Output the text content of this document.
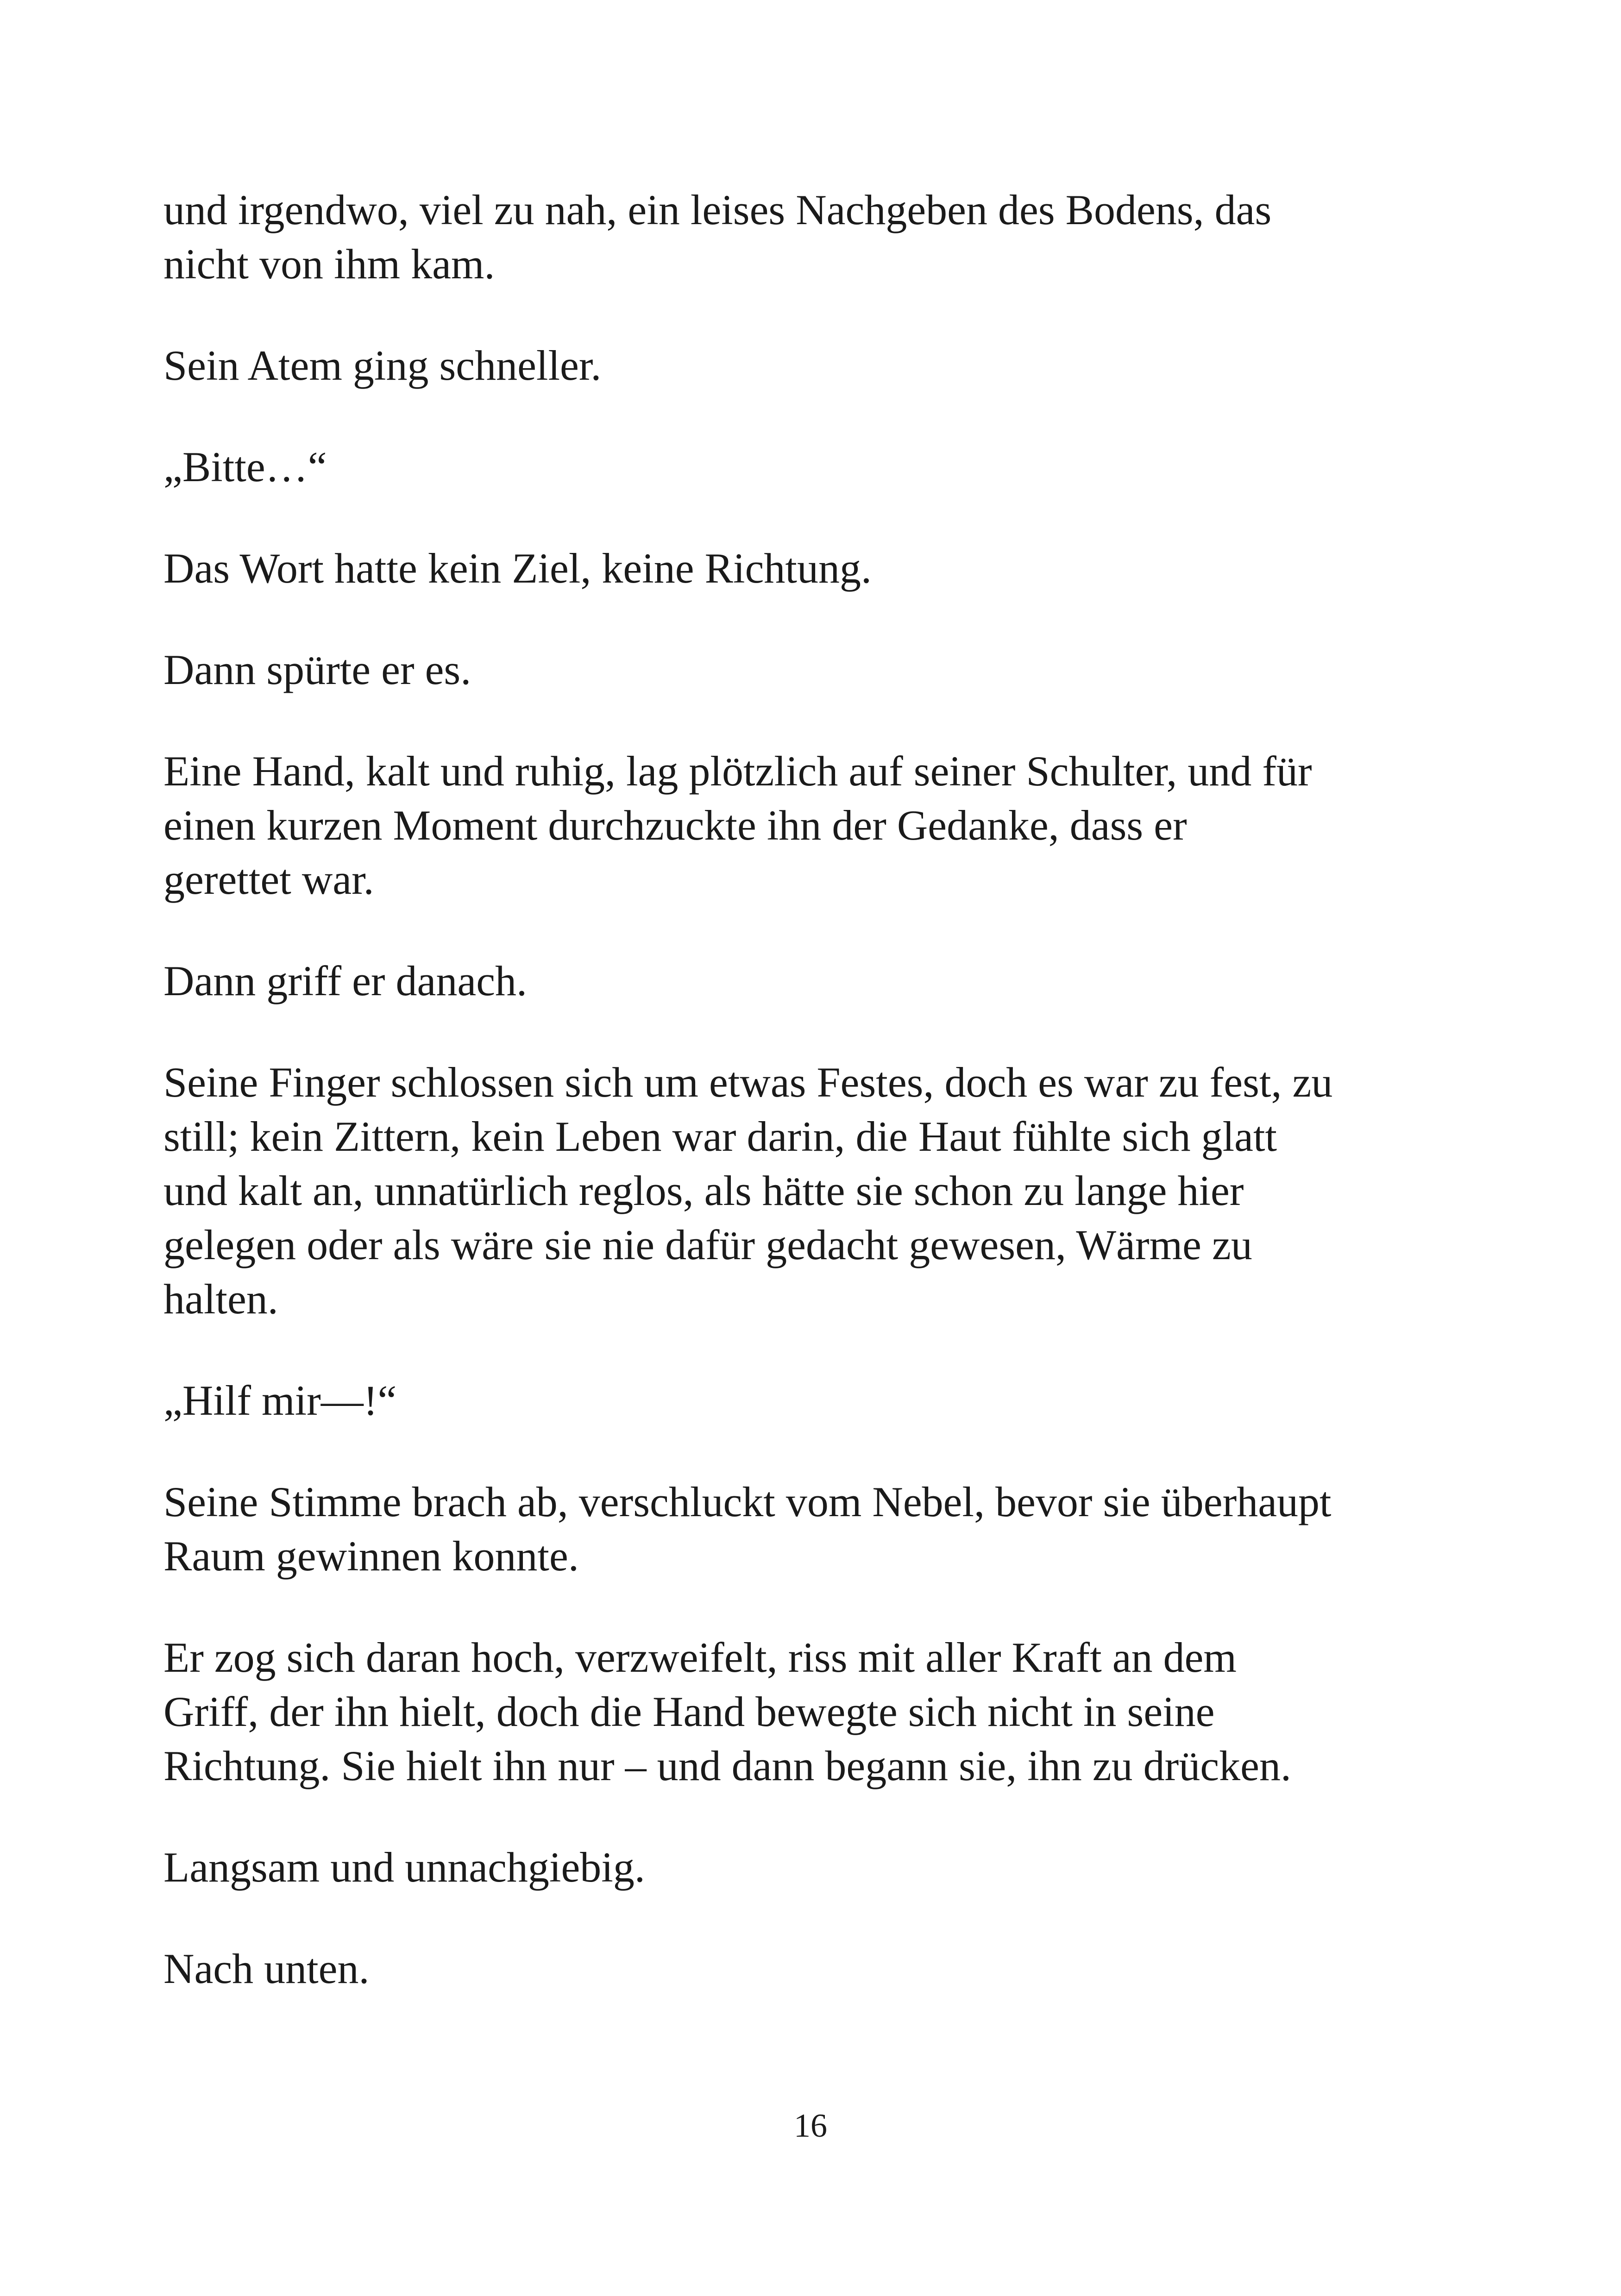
und irgendwo, viel zu nah, ein leises Nachgeben des Bodens, das
nicht von ihm kam.

Sein Atem ging schneller.

„Bitte…“

Das Wort hatte kein Ziel, keine Richtung.

Dann spürte er es.

Eine Hand, kalt und ruhig, lag plötzlich auf seiner Schulter, und für
einen kurzen Moment durchzuckte ihn der Gedanke, dass er
gerettet war.

Dann griff er danach.

Seine Finger schlossen sich um etwas Festes, doch es war zu fest, zu
still; kein Zittern, kein Leben war darin, die Haut fühlte sich glatt
und kalt an, unnatürlich reglos, als hätte sie schon zu lange hier
gelegen oder als wäre sie nie dafür gedacht gewesen, Wärme zu
halten.

„Hilf mir—!“

Seine Stimme brach ab, verschluckt vom Nebel, bevor sie überhaupt
Raum gewinnen konnte.

Er zog sich daran hoch, verzweifelt, riss mit aller Kraft an dem
Griff, der ihn hielt, doch die Hand bewegte sich nicht in seine
Richtung. Sie hielt ihn nur – und dann begann sie, ihn zu drücken.

Langsam und unnachgiebig.

Nach unten.

16
